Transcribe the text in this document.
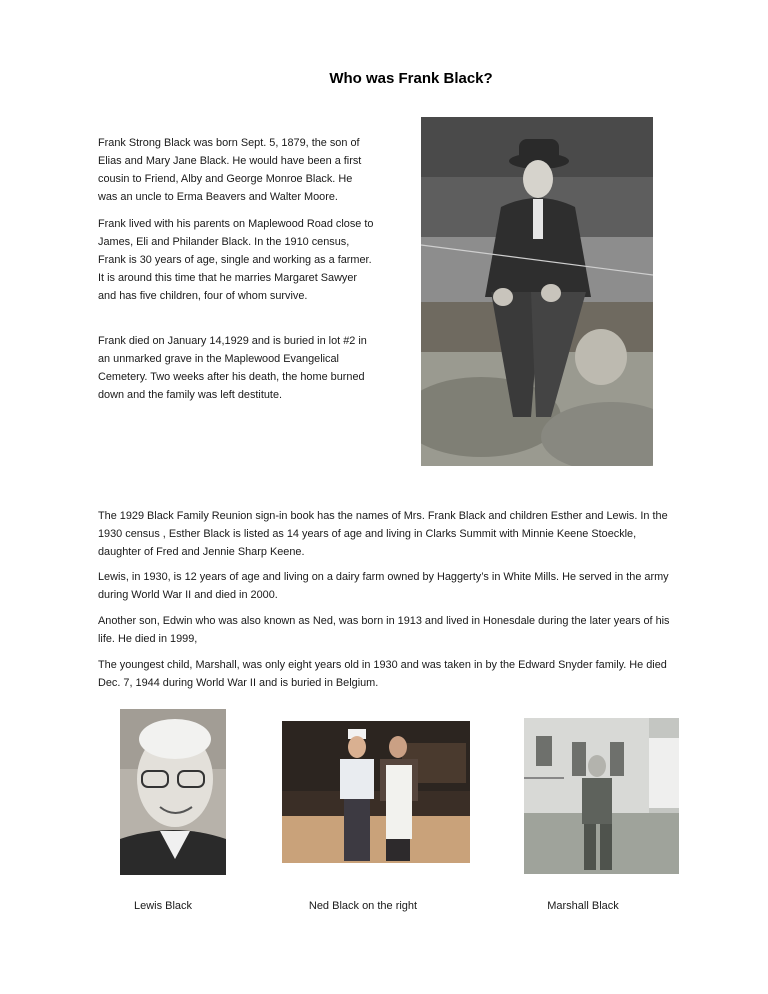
Who was Frank Black?

Frank Strong Black was born Sept. 5, 1879, the son of Elias and Mary Jane Black. He would have been a first cousin to Friend, Alby and George Monroe Black. He was an uncle to Erma Beavers and Walter Moore.

Frank lived with his parents on Maplewood Road close to James, Eli and Philander Black. In the 1910 census, Frank is 30 years of age, single and working as a farmer. It is around this time that he marries Margaret Sawyer and has five children, four of whom survive.

Frank died on January 14,1929 and is buried in lot #2 in an unmarked grave in the Maplewood Evangelical Cemetery. Two weeks after his death, the home burned down and the family was left destitute.

The 1929 Black Family Reunion sign-in book has the names of Mrs. Frank Black and children Esther and Lewis. In the 1930 census , Esther Black is listed as 14 years of age and living in Clarks Summit with Minnie Keene Stoeckle, daughter of Fred and Jennie Sharp Keene.

Lewis, in 1930, is 12 years of age and living on a dairy farm owned by Haggerty’s in White Mills. He served in the army during World War II and died in 2000.

Another son, Edwin who was also known as Ned, was born in 1913 and lived in Honesdale during the later years of his life. He died in 1999,

The youngest child, Marshall, was only eight years old in 1930 and was taken in by the Edward Snyder family. He died Dec. 7, 1944 during World War II and is buried in Belgium.

Lewis Black	Ned Black on the right	Marshall Black
